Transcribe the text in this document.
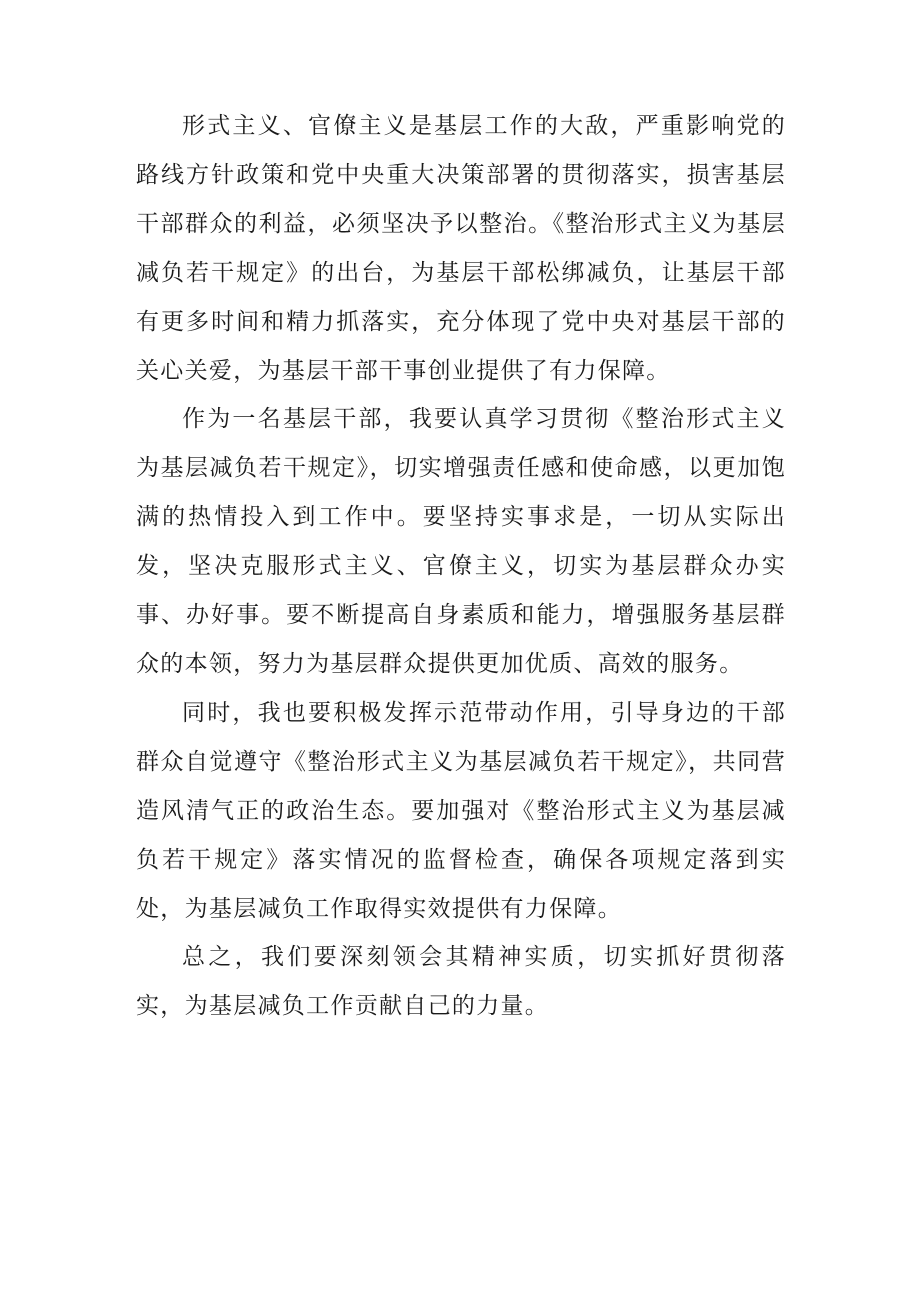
形式主义、官僚主义是基层工作的大敌，严重影响党的路线方针政策和党中央重大决策部署的贯彻落实，损害基层干部群众的利益，必须坚决予以整治。《整治形式主义为基层减负若干规定》的出台，为基层干部松绑减负，让基层干部有更多时间和精力抓落实，充分体现了党中央对基层干部的关心关爱，为基层干部干事创业提供了有力保障。

作为一名基层干部，我要认真学习贯彻《整治形式主义为基层减负若干规定》，切实增强责任感和使命感，以更加饱满的热情投入到工作中。要坚持实事求是，一切从实际出发，坚决克服形式主义、官僚主义，切实为基层群众办实事、办好事。要不断提高自身素质和能力，增强服务基层群众的本领，努力为基层群众提供更加优质、高效的服务。

同时，我也要积极发挥示范带动作用，引导身边的干部群众自觉遵守《整治形式主义为基层减负若干规定》，共同营造风清气正的政治生态。要加强对《整治形式主义为基层减负若干规定》落实情况的监督检查，确保各项规定落到实处，为基层减负工作取得实效提供有力保障。

总之，我们要深刻领会其精神实质，切实抓好贯彻落实，为基层减负工作贡献自己的力量。
